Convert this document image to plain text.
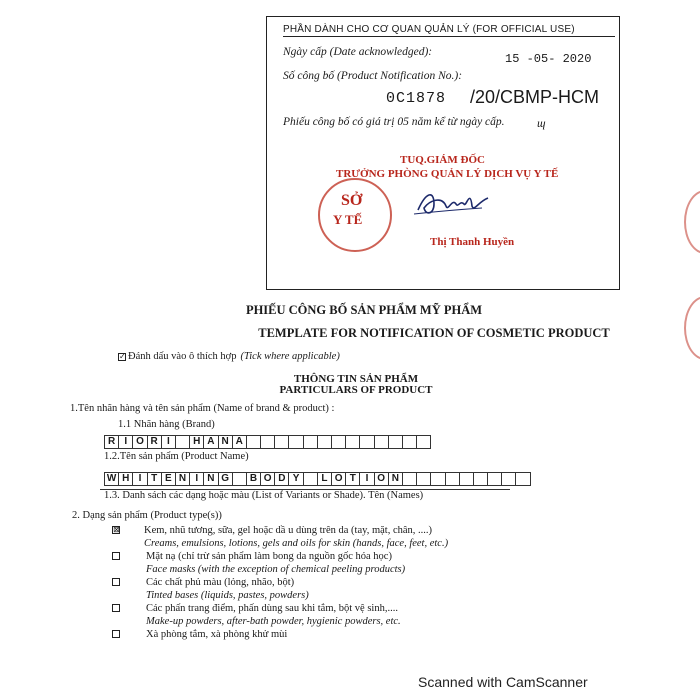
PHẦN DÀNH CHO CƠ QUAN QUẢN LÝ (FOR OFFICIAL USE)
Ngày cấp (Date acknowledged):	15 -05- 2020
Số công bố (Product Notification No.):
0C1878 /20/CBMP-HCM
Phiếu công bố có giá trị 05 năm kể từ ngày cấp.	ɰ
TUQ.GIÁM ĐỐC
TRƯỞNG PHÒNG QUẢN LÝ DỊCH VỤ Y TẾ
SỞ
Y TẾ
Thị Thanh Huyền
PHIẾU CÔNG BỐ SẢN PHẨM MỸ PHẨM
TEMPLATE FOR NOTIFICATION OF COSMETIC PRODUCT
✓ Đánh dấu vào ô thích hợp (Tick where applicable)
THÔNG TIN SẢN PHẨM
PARTICULARS OF PRODUCT
1.Tên nhãn hàng và tên sản phẩm (Name of brand & product) :
1.1 Nhãn hàng (Brand)
R I O R I	H A N A
1.2.Tên sản phẩm (Product Name)
W H I T E N I N G	B O D Y	L O T I O N
1.3. Danh sách các dạng hoặc màu (List of Variants or Shade). Tên (Names)
2. Dạng sản phẩm (Product type(s))
⊠ Kem, nhũ tương, sữa, gel hoặc dầ u dùng trên da (tay, mặt, chân, ....)
Creams, emulsions, lotions, gels and oils for skin (hands, face, feet, etc.)
Mặt nạ (chỉ trừ sản phẩm làm bong da nguồn gốc hóa học)
Face masks (with the exception of chemical peeling products)
Các chất phủ màu (lỏng, nhão, bột)
Tinted bases (liquids, pastes, powders)
Các phấn trang điểm, phấn dùng sau khi tắm, bột vệ sinh,....
Make-up powders, after-bath powder, hygienic powders, etc.
Xà phòng tắm, xà phòng khử mùi
Scanned with CamScanner
